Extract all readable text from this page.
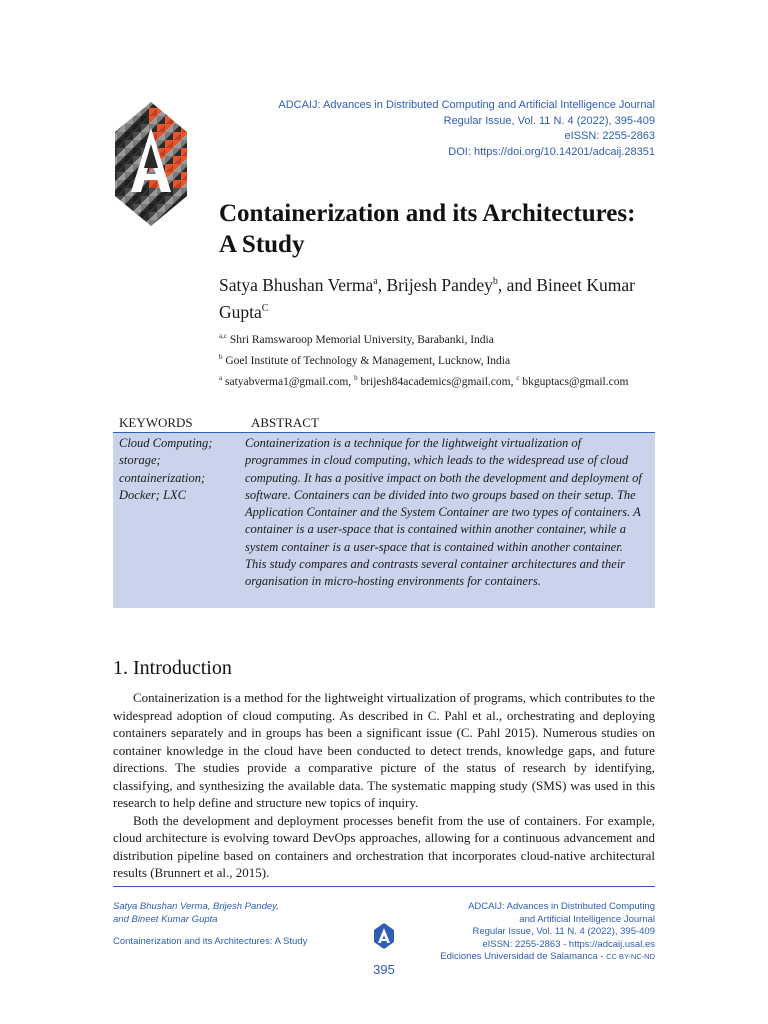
ADCAIJ: Advances in Distributed Computing and Artificial Intelligence Journal
Regular Issue, Vol. 11 N. 4 (2022), 395-409
eISSN: 2255-2863
DOI: https://doi.org/10.14201/adcaij.28351
Containerization and its Architectures:
A Study

Satya Bhushan Verma$^a$, Brijesh Pandey$^b$, and Bineet Kumar Gupta$^C$

$^{a,c}$ Shri Ramswaroop Memorial University, Barabanki, India
$^b$ Goel Institute of Technology & Management, Lucknow, India
$^a$ satyabverma1@gmail.com, $^b$ brijesh84academics@gmail.com, $^c$ bkguptacs@gmail.com
KEYWORDS	ABSTRACT
Cloud Computing;
storage;
containerization;
Docker; LXC
Containerization is a technique for the lightweight virtualization of programmes in cloud computing, which leads to the widespread use of cloud computing. It has a positive impact on both the development and deployment of software. Containers can be divided into two groups based on their setup. The Application Container and the System Container are two types of containers. A container is a user-space that is contained within another container, while a system container is a user-space that is contained within another container. This study compares and contrasts several container architectures and their organisation in micro-hosting environments for containers.
1. Introduction

Containerization is a method for the lightweight virtualization of programs, which contributes to the widespread adoption of cloud computing. As described in C. Pahl et al., orchestrating and deploying containers separately and in groups has been a significant issue (C. Pahl 2015). Numerous studies on container knowledge in the cloud have been conducted to detect trends, knowledge gaps, and future directions. The studies provide a comparative picture of the status of research by identifying, classifying, and synthesizing the available data. The systematic mapping study (SMS) was used in this research to help define and structure new topics of inquiry.

Both the development and deployment processes benefit from the use of containers. For example, cloud architecture is evolving toward DevOps approaches, allowing for a continuous advancement and distribution pipeline based on containers and orchestration that incorporates cloud-native architectural results (Brunnert et al., 2015).

Satya Bhushan Verma, Brijesh Pandey,
and Bineet Kumar Gupta
Containerization and its Architectures: A Study
ADCAIJ: Advances in Distributed Computing
and Artificial Intelligence Journal
Regular Issue, Vol. 11 N. 4 (2022), 395-409
eISSN: 2255-2863 - https://adcaij.usal.es
Ediciones Universidad de Salamanca - CC BY-NC-ND
395
